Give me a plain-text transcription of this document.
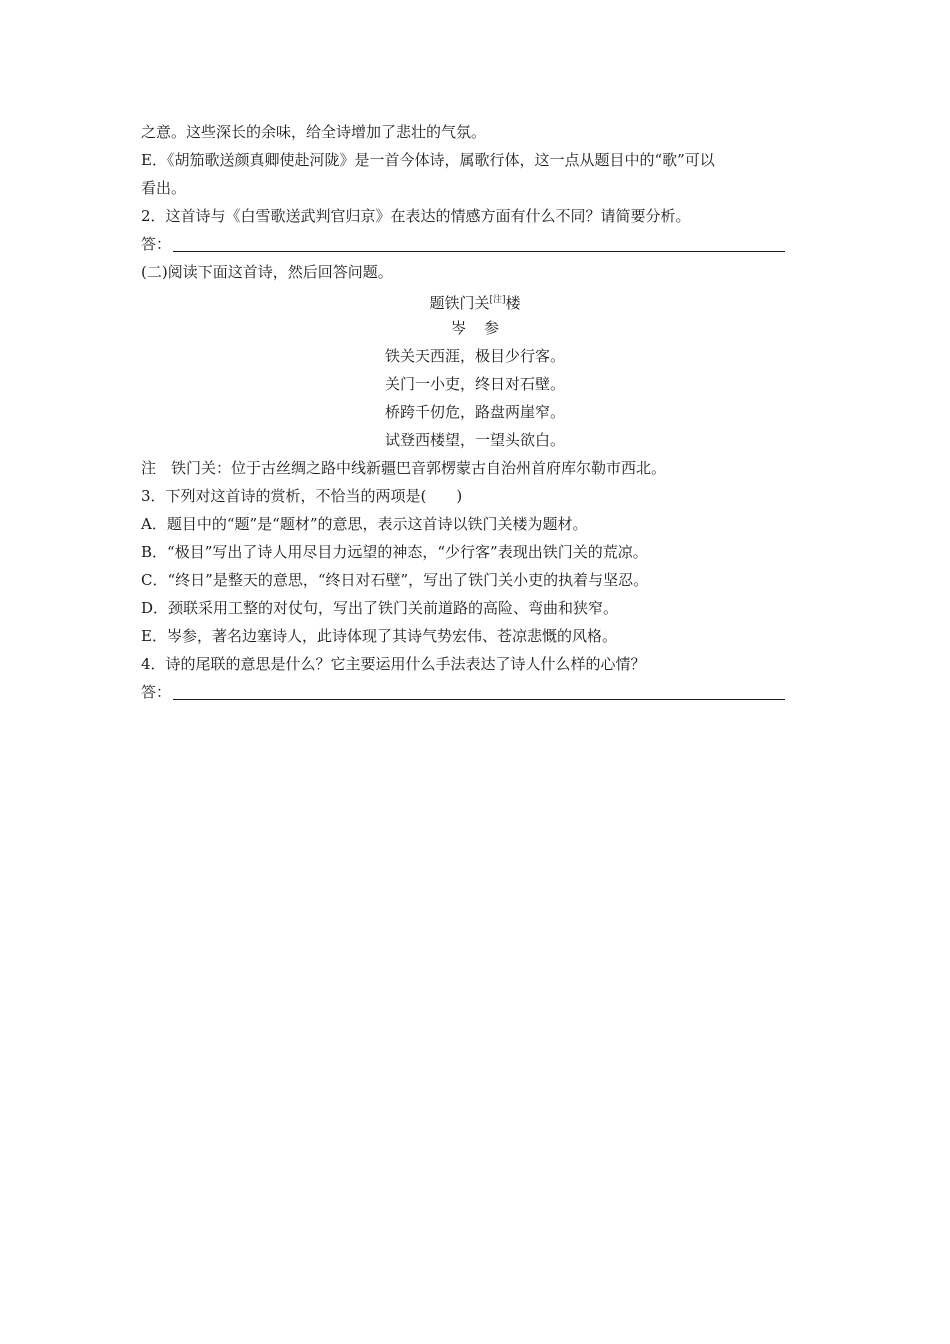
之意。这些深长的余味，给全诗增加了悲壮的气氛。
E．《胡笳歌送颜真卿使赴河陇》是一首今体诗，属歌行体，这一点从题目中的“歌”可以
看出。
2．这首诗与《白雪歌送武判官归京》在表达的情感方面有什么不同？请简要分析。
答：
(二)阅读下面这首诗，然后回答问题。
题铁门关[注]楼
岑 参
铁关天西涯，极目少行客。
关门一小吏，终日对石壁。
桥跨千仞危，路盘两崖窄。
试登西楼望，一望头欲白。
注　铁门关：位于古丝绸之路中线新疆巴音郭楞蒙古自治州首府库尔勒市西北。
3．下列对这首诗的赏析，不恰当的两项是(　　)
A．题目中的“题”是“题材”的意思，表示这首诗以铁门关楼为题材。
B．“极目”写出了诗人用尽目力远望的神态，“少行客”表现出铁门关的荒凉。
C．“终日”是整天的意思，“终日对石壁”，写出了铁门关小吏的执着与坚忍。
D．颈联采用工整的对仗句，写出了铁门关前道路的高险、弯曲和狭窄。
E．岑参，著名边塞诗人，此诗体现了其诗气势宏伟、苍凉悲慨的风格。
4．诗的尾联的意思是什么？它主要运用什么手法表达了诗人什么样的心情？
答：
